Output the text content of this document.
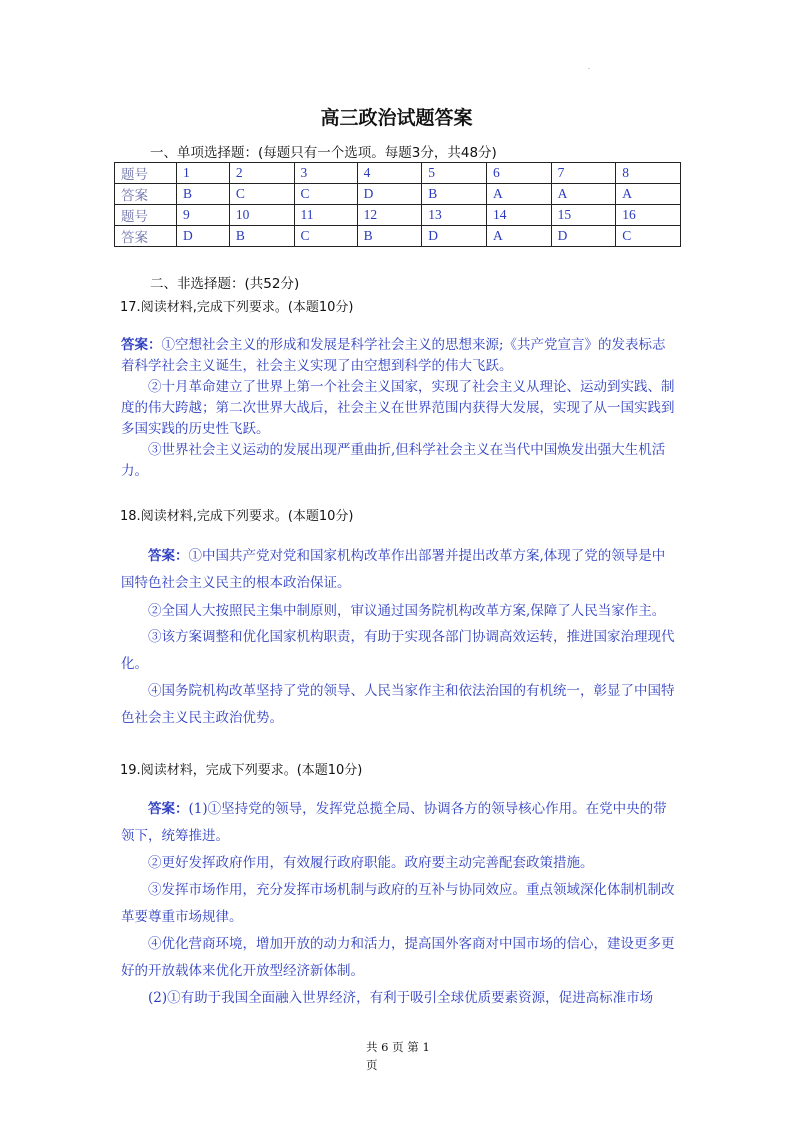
.
高三政治试题答案
一、单项选择题：(每题只有一个选项。每题3分，共48分)
题号	1	2	3	4	5	6	7	8
答案	B	C	C	D	B	A	A	A
题号	9	10	11	12	13	14	15	16
答案	D	B	C	B	D	A	D	C
二、非选择题：(共52分)
17.阅读材料,完成下列要求。(本题10分)
答案：①空想社会主义的形成和发展是科学社会主义的思想来源;《共产党宣言》的发表标志着科学社会主义诞生，社会主义实现了由空想到科学的伟大飞跃。
②十月革命建立了世界上第一个社会主义国家，实现了社会主义从理论、运动到实践、制度的伟大跨越；第二次世界大战后，社会主义在世界范围内获得大发展，实现了从一国实践到多国实践的历史性飞跃。
③世界社会主义运动的发展出现严重曲折,但科学社会主义在当代中国焕发出强大生机活力。
18.阅读材料,完成下列要求。(本题10分)
答案：①中国共产党对党和国家机构改革作出部署并提出改革方案,体现了党的领导是中国特色社会主义民主的根本政治保证。
②全国人大按照民主集中制原则，审议通过国务院机构改革方案,保障了人民当家作主。
③该方案调整和优化国家机构职责，有助于实现各部门协调高效运转，推进国家治理现代化。
④国务院机构改革坚持了党的领导、人民当家作主和依法治国的有机统一，彰显了中国特色社会主义民主政治优势。
19.阅读材料，完成下列要求。(本题10分)
答案：(1)①坚持党的领导，发挥党总揽全局、协调各方的领导核心作用。在党中央的带领下，统筹推进。
②更好发挥政府作用，有效履行政府职能。政府要主动完善配套政策措施。
③发挥市场作用，充分发挥市场机制与政府的互补与协同效应。重点领域深化体制机制改革要尊重市场规律。
④优化营商环境，增加开放的动力和活力，提高国外客商对中国市场的信心，建设更多更好的开放载体来优化开放型经济新体制。
(2)①有助于我国全面融入世界经济，有利于吸引全球优质要素资源，促进高标准市场
共 6 页 第 1
页
